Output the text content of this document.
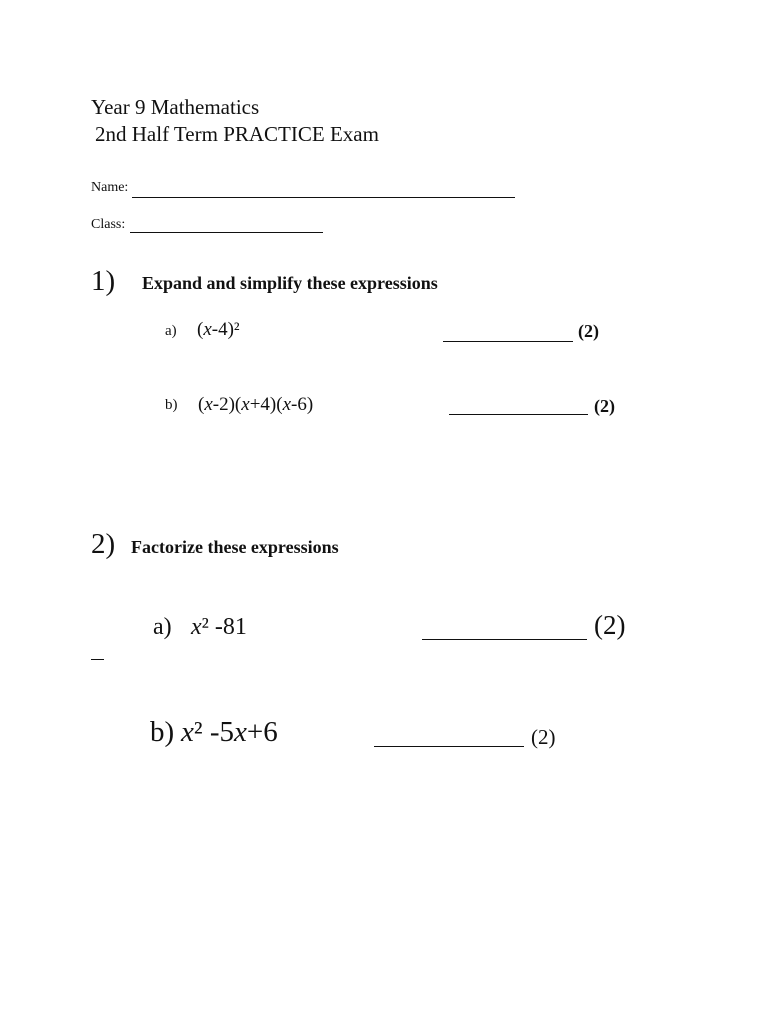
Year 9 Mathematics
2nd Half Term PRACTICE Exam
Name:
Class:
1) Expand and simplify these expressions
a) (x-4)²	(2)
b) (x-2)(x+4)(x-6)	(2)
2) Factorize these expressions
a) x² -81	(2)
b) x² -5x+6	(2)
